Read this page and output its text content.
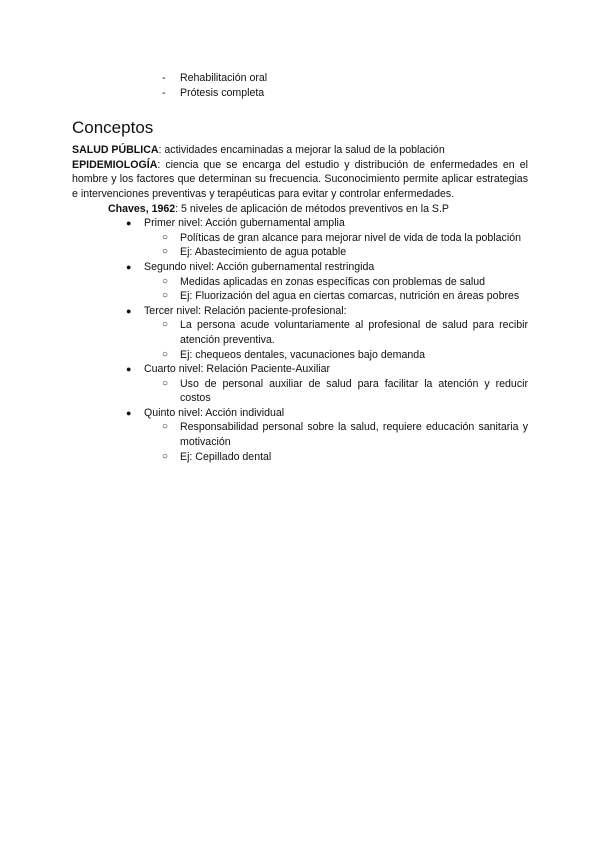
- Rehabilitación oral
- Prótesis completa
Conceptos

SALUD PÚBLICA: actividades encaminadas a mejorar la salud de la población

EPIDEMIOLOGÍA: ciencia que se encarga del estudio y distribución de enfermedades en el hombre y los factores que determinan su frecuencia. Suconocimiento permite aplicar estrategias e intervenciones preventivas y terapéuticas para evitar y controlar enfermedades.

Chaves, 1962: 5 niveles de aplicación de métodos preventivos en la S.P

● Primer nivel: Acción gubernamental amplia
○ Políticas de gran alcance para mejorar nivel de vida de toda la población
○ Ej: Abastecimiento de agua potable
● Segundo nivel: Acción gubernamental restringida
○ Medidas aplicadas en zonas específicas con problemas de salud
○ Ej: Fluorización del agua en ciertas comarcas, nutrición en áreas pobres
● Tercer nivel: Relación paciente-profesional:
○ La persona acude voluntariamente al profesional de salud para recibir atención preventiva.
○ Ej: chequeos dentales, vacunaciones bajo demanda
● Cuarto nivel: Relación Paciente-Auxiliar
○ Uso de personal auxiliar de salud para facilitar la atención y reducir costos
● Quinto nivel: Acción individual
○ Responsabilidad personal sobre la salud, requiere educación sanitaria y motivación
○ Ej: Cepillado dental
